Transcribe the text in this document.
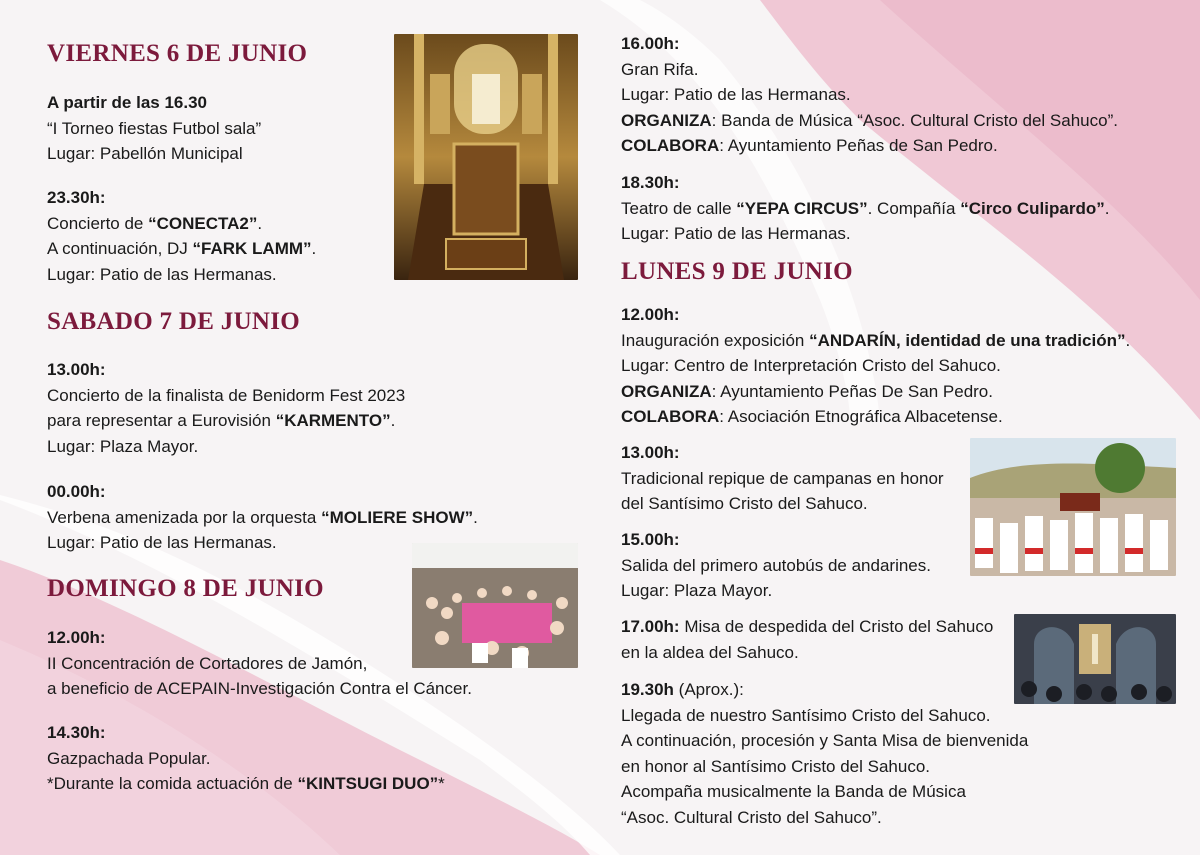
VIERNES 6 DE JUNIO
A partir de las 16.30
“I Torneo fiestas Futbol sala”
Lugar: Pabellón Municipal
23.30h:
Concierto de “CONECTA2”.
A continuación, DJ “FARK LAMM”.
Lugar: Patio de las Hermanas.
SABADO 7 DE JUNIO
13.00h:
Concierto de la finalista de Benidorm Fest 2023
para representar a Eurovisión “KARMENTO”.
Lugar: Plaza Mayor.
00.00h:
Verbena amenizada por la orquesta “MOLIERE SHOW”.
Lugar: Patio de las Hermanas.
DOMINGO 8 DE JUNIO
12.00h:
II Concentración de Cortadores de Jamón,
a beneficio de ACEPAIN-Investigación Contra el Cáncer.
14.30h:
Gazpachada Popular.
*Durante la comida actuación de “KINTSUGI DUO”*
16.00h:
Gran Rifa.
Lugar: Patio de las Hermanas.
ORGANIZA: Banda de Música “Asoc. Cultural Cristo del Sahuco”.
COLABORA: Ayuntamiento Peñas de San Pedro.
18.30h:
Teatro de calle “YEPA CIRCUS”. Compañía “Circo Culipardo”.
Lugar: Patio de las Hermanas.
LUNES 9 DE JUNIO
12.00h:
Inauguración exposición “ANDARÍN, identidad de una tradición”.
Lugar: Centro de Interpretación Cristo del Sahuco.
ORGANIZA: Ayuntamiento Peñas De San Pedro.
COLABORA: Asociación Etnográfica Albacetense.
13.00h:
Tradicional repique de campanas en honor
del Santísimo Cristo del Sahuco.
15.00h:
Salida del primero autobús de andarines.
Lugar: Plaza Mayor.
17.00h: Misa de despedida del Cristo del Sahuco
en la aldea del Sahuco.
19.30h (Aprox.):
Llegada de nuestro Santísimo Cristo del Sahuco.
A continuación, procesión y Santa Misa de bienvenida
en honor al Santísimo Cristo del Sahuco.
Acompaña musicalmente la Banda de Música
“Asoc. Cultural Cristo del Sahuco”.
